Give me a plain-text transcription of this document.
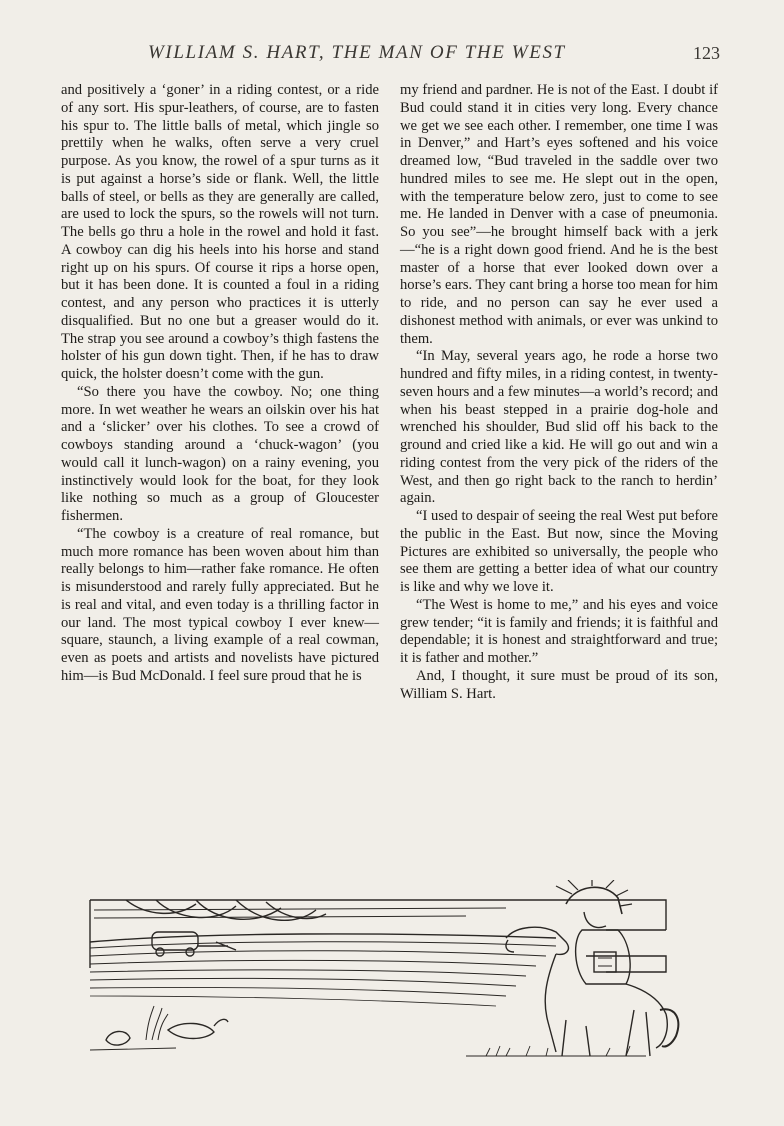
WILLIAM S. HART, THE MAN OF THE WEST	123

and positively a ‘goner’ in a riding contest, or a ride of any sort. His spur-leathers, of course, are to fasten his spur to. The little balls of metal, which jingle so prettily when he walks, often serve a very cruel purpose. As you know, the rowel of a spur turns as it is put against a horse’s side or flank. Well, the little balls of steel, or bells as they are generally are called, are used to lock the spurs, so the rowels will not turn. The bells go thru a hole in the rowel and hold it fast. A cowboy can dig his heels into his horse and stand right up on his spurs. Of course it rips a horse open, but it has been done. It is counted a foul in a riding contest, and any person who practices it is utterly disqualified. But no one but a greaser would do it. The strap you see around a cowboy’s thigh fastens the holster of his gun down tight. Then, if he has to draw quick, the holster doesn’t come with the gun.

“So there you have the cowboy. No; one thing more. In wet weather he wears an oilskin over his hat and a ‘slicker’ over his clothes. To see a crowd of cowboys standing around a ‘chuck-wagon’ (you would call it lunch-wagon) on a rainy evening, you instinctively would look for the boat, for they look like nothing so much as a group of Gloucester fishermen.

“The cowboy is a creature of real romance, but much more romance has been woven about him than really belongs to him—rather fake romance. He often is misunderstood and rarely fully appreciated. But he is real and vital, and even today is a thrilling factor in our land. The most typical cowboy I ever knew—square, staunch, a living example of a real cowman, even as poets and artists and novelists have pictured him—is Bud McDonald. I feel sure proud that he is

my friend and pardner. He is not of the East. I doubt if Bud could stand it in cities very long. Every chance we get we see each other. I remember, one time I was in Denver,” and Hart’s eyes softened and his voice dreamed low, “Bud traveled in the saddle over two hundred miles to see me. He slept out in the open, with the temperature below zero, just to come to see me. He landed in Denver with a case of pneumonia. So you see”—he brought himself back with a jerk—“he is a right down good friend. And he is the best master of a horse that ever looked down over a horse’s ears. They cant bring a horse too mean for him to ride, and no person can say he ever used a dishonest method with animals, or ever was unkind to them.

“In May, several years ago, he rode a horse two hundred and fifty miles, in a riding contest, in twenty-seven hours and a few minutes—a world’s record; and when his beast stepped in a prairie dog-hole and wrenched his shoulder, Bud slid off his back to the ground and cried like a kid. He will go out and win a riding contest from the very pick of the riders of the West, and then go right back to the ranch to herdin’ again.

“I used to despair of seeing the real West put before the public in the East. But now, since the Moving Pictures are exhibited so universally, the people who see them are getting a better idea of what our country is like and why we love it.

“The West is home to me,” and his eyes and voice grew tender; “it is family and friends; it is faithful and dependable; it is honest and straightforward and true; it is father and mother.”

And, I thought, it sure must be proud of its son, William S. Hart.
